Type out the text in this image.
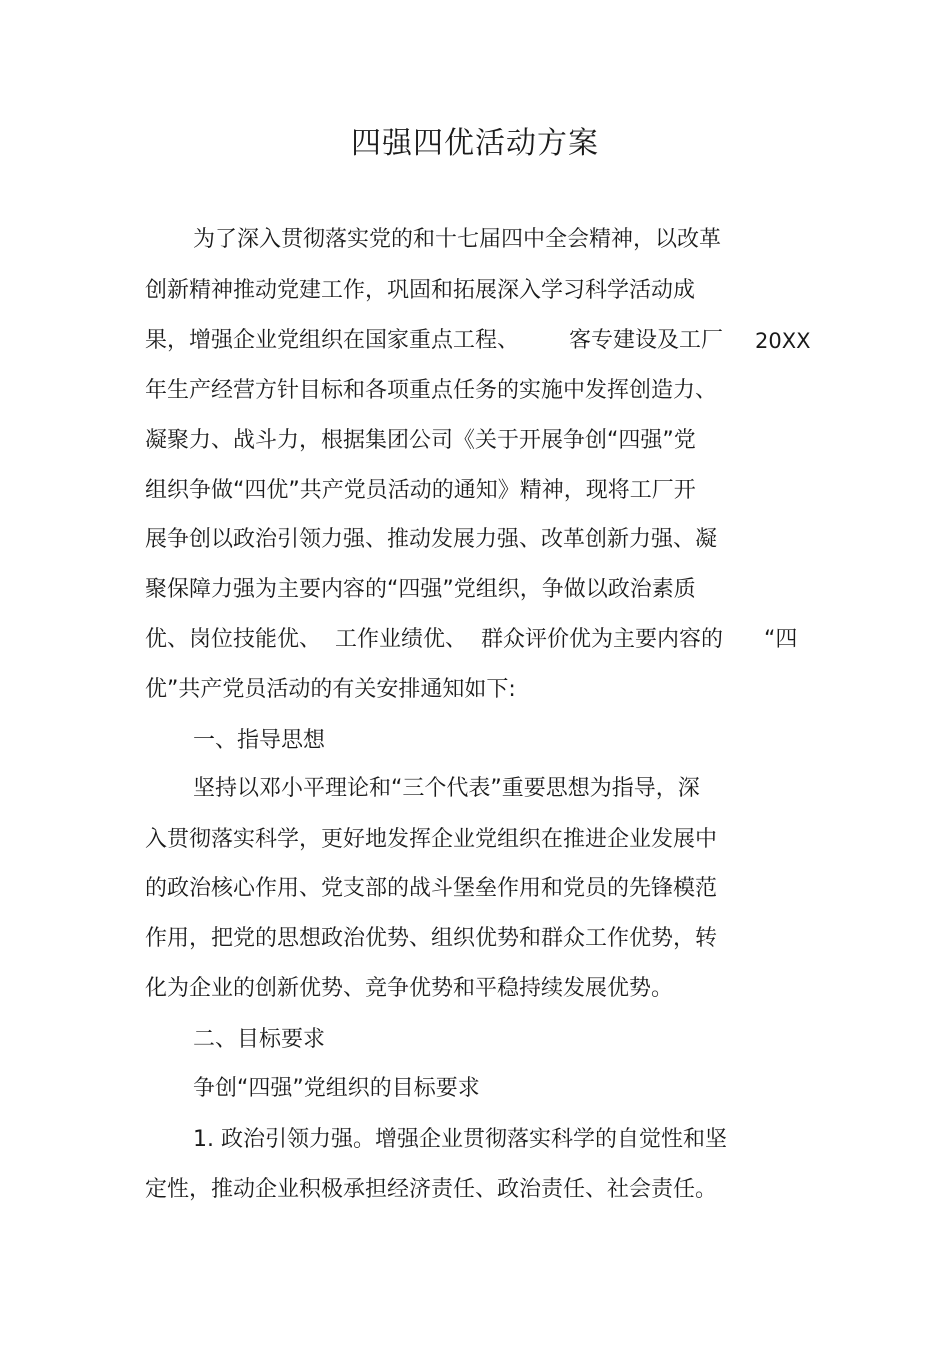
四强四优活动方案
为了深入贯彻落实党的和十七届四中全会精神，以改革
创新精神推动党建工作，巩固和拓展深入学习科学活动成
果，增强企业党组织在国家重点工程、 客专建设及工厂 20XX
年生产经营方针目标和各项重点任务的实施中发挥创造力、
凝聚力、战斗力，根据集团公司《关于开展争创“四强”党
组织争做“四优”共产党员活动的通知》精神，现将工厂开
展争创以政治引领力强、推动发展力强、改革创新力强、凝
聚保障力强为主要内容的“四强”党组织，争做以政治素质
优、岗位技能优、 工作业绩优、 群众评价优为主要内容的 “四
优”共产党员活动的有关安排通知如下:
一、指导思想
坚持以邓小平理论和“三个代表”重要思想为指导，深
入贯彻落实科学，更好地发挥企业党组织在推进企业发展中
的政治核心作用、党支部的战斗堡垒作用和党员的先锋模范
作用，把党的思想政治优势、组织优势和群众工作优势，转
化为企业的创新优势、竞争优势和平稳持续发展优势。
二、目标要求
争创“四强”党组织的目标要求
1. 政治引领力强。增强企业贯彻落实科学的自觉性和坚
定性，推动企业积极承担经济责任、政治责任、社会责任。
